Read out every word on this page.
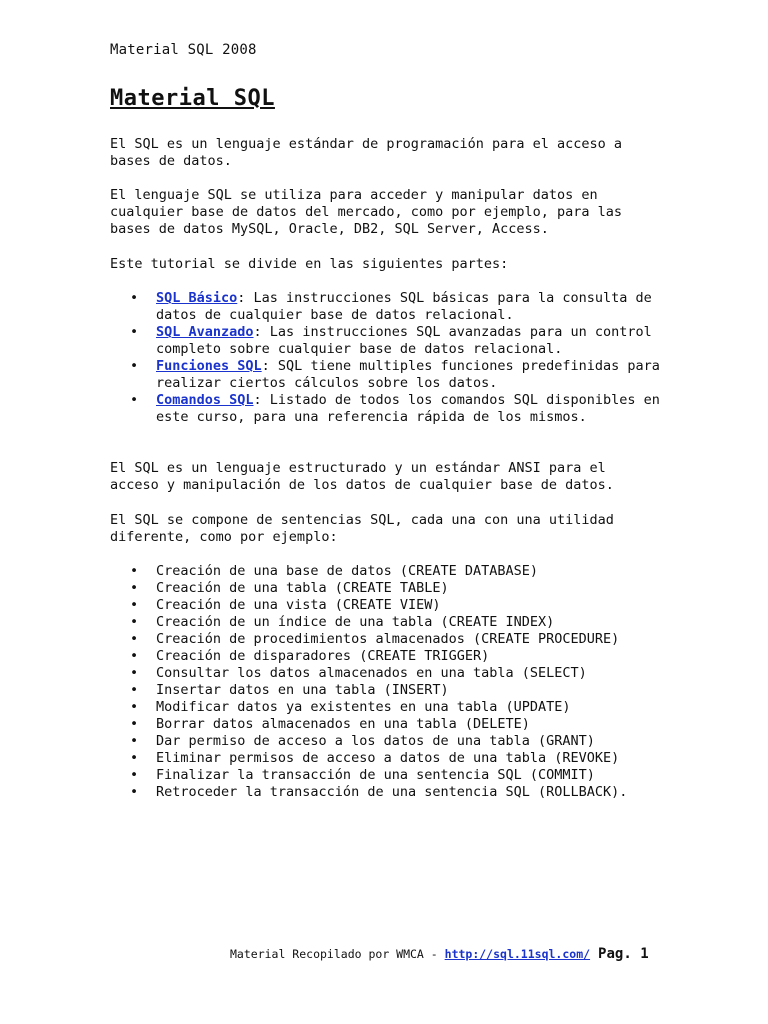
Material SQL 2008
Material SQL
El SQL es un lenguaje estándar de programación para el acceso a
bases de datos.
El lenguaje SQL se utiliza para acceder y manipular datos en
cualquier base de datos del mercado, como por ejemplo, para las
bases de datos MySQL, Oracle, DB2, SQL Server, Access.
Este tutorial se divide en las siguientes partes:
• SQL Básico: Las instrucciones SQL básicas para la consulta de datos de cualquier base de datos relacional.
• SQL Avanzado: Las instrucciones SQL avanzadas para un control completo sobre cualquier base de datos relacional.
• Funciones SQL: SQL tiene multiples funciones predefinidas para realizar ciertos cálculos sobre los datos.
• Comandos SQL: Listado de todos los comandos SQL disponibles en este curso, para una referencia rápida de los mismos.
El SQL es un lenguaje estructurado y un estándar ANSI para el
acceso y manipulación de los datos de cualquier base de datos.
El SQL se compone de sentencias SQL, cada una con una utilidad
diferente, como por ejemplo:
• Creación de una base de datos (CREATE DATABASE)
• Creación de una tabla (CREATE TABLE)
• Creación de una vista (CREATE VIEW)
• Creación de un índice de una tabla (CREATE INDEX)
• Creación de procedimientos almacenados (CREATE PROCEDURE)
• Creación de disparadores (CREATE TRIGGER)
• Consultar los datos almacenados en una tabla (SELECT)
• Insertar datos en una tabla (INSERT)
• Modificar datos ya existentes en una tabla (UPDATE)
• Borrar datos almacenados en una tabla (DELETE)
• Dar permiso de acceso a los datos de una tabla (GRANT)
• Eliminar permisos de acceso a datos de una tabla (REVOKE)
• Finalizar la transacción de una sentencia SQL (COMMIT)
• Retroceder la transacción de una sentencia SQL (ROLLBACK).
Material Recopilado por WMCA - http://sql.11sql.com/ Pag. 1
